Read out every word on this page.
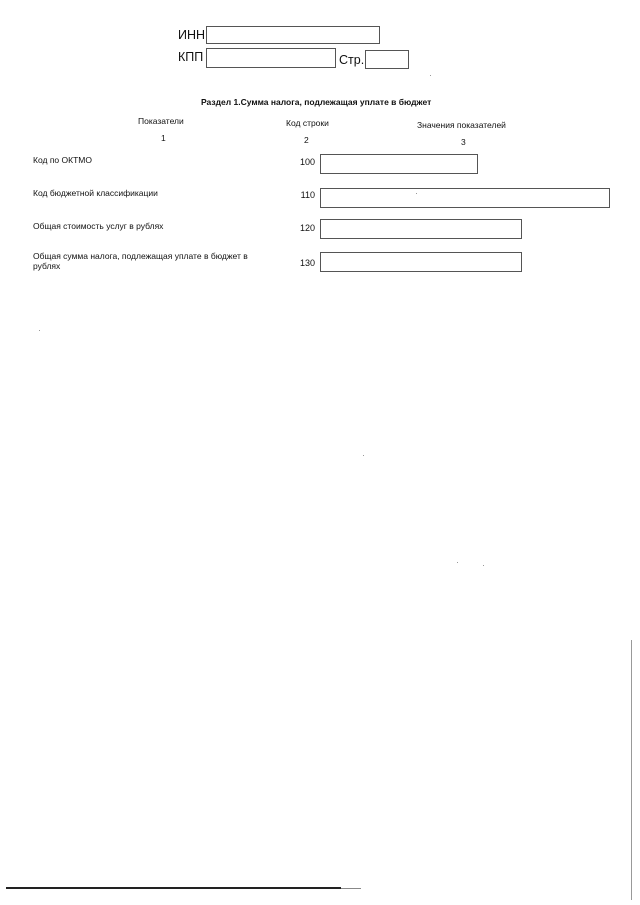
ИНН
КПП	Стр.
Раздел 1.Сумма налога, подлежащая уплате в бюджет
Показатели	Код строки	Значения показателей
1	2	3
Код по ОКТМО	100
Код бюджетной классификации	110
Общая стоимость услуг в рублях	120
Общая сумма налога, подлежащая уплате в бюджет в рублях	130
